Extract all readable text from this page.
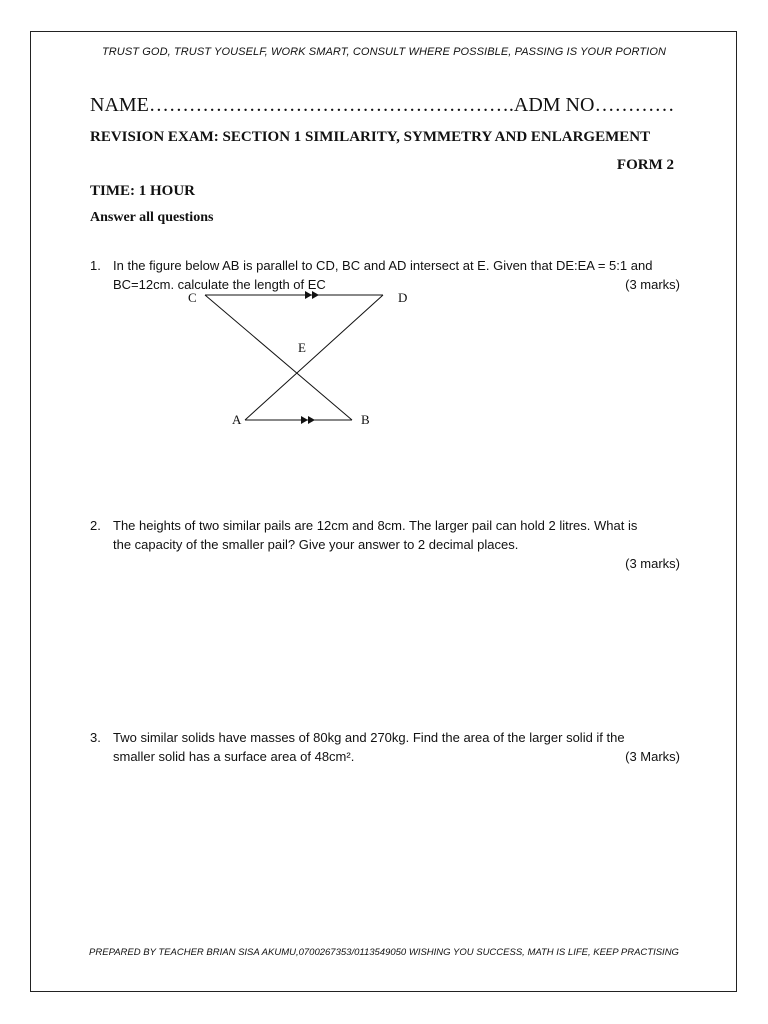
TRUST GOD, TRUST YOUSELF, WORK SMART, CONSULT WHERE POSSIBLE, PASSING IS YOUR PORTION
NAME……………………………………………….ADM NO…………
REVISION EXAM: SECTION 1 SIMILARITY, SYMMETRY AND ENLARGEMENT
FORM 2
TIME: 1 HOUR
Answer all questions
1. In the figure below AB is parallel to CD, BC and AD intersect at E. Given that DE:EA = 5:1 and
BC=12cm. calculate the length of EC	(3 marks)
C	D
E
A	B
2. The heights of two similar pails are 12cm and 8cm. The larger pail can hold 2 litres. What is
the capacity of the smaller pail? Give your answer to 2 decimal places.
(3 marks)
3. Two similar solids have masses of 80kg and 270kg. Find the area of the larger solid if the
smaller solid has a surface area of 48cm².	(3 Marks)
PREPARED BY TEACHER BRIAN SISA AKUMU,0700267353/0113549050 WISHING YOU SUCCESS, MATH IS LIFE, KEEP PRACTISING
